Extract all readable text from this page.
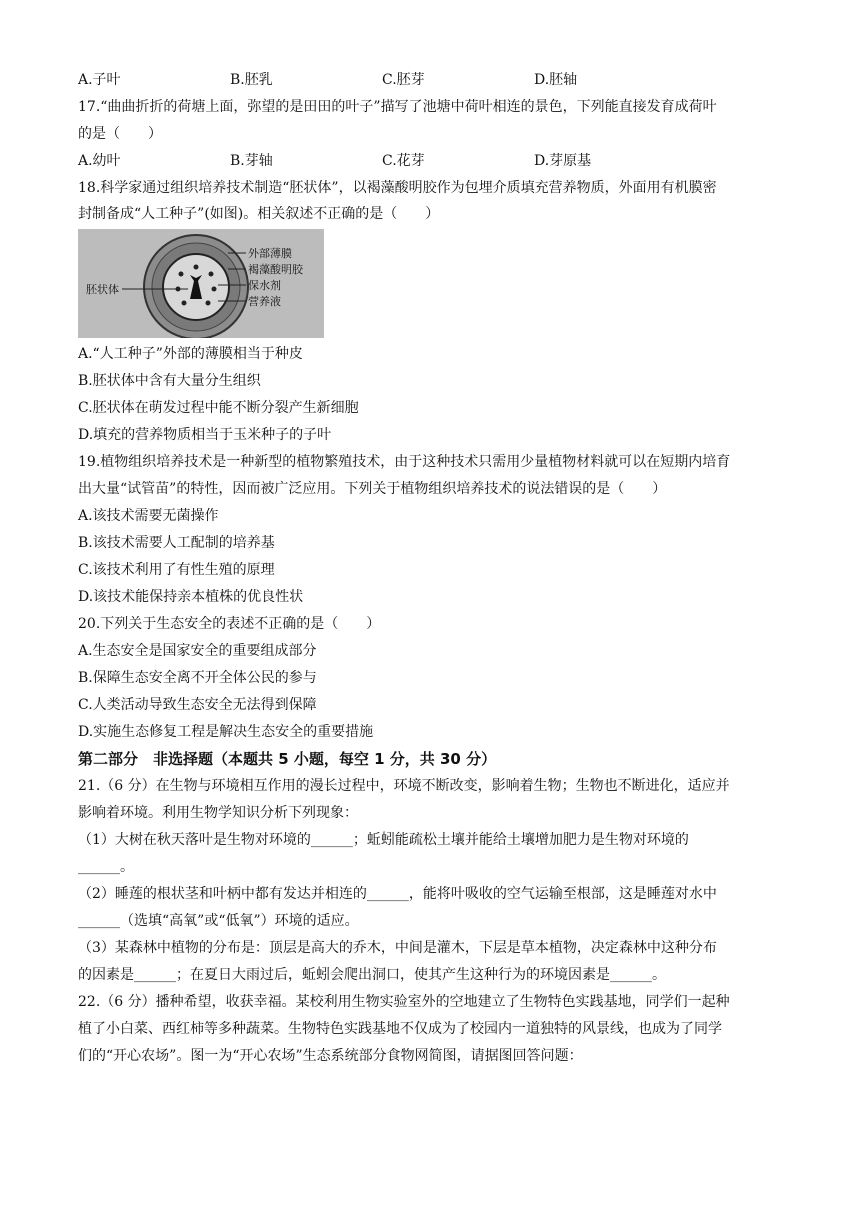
A.子叶	B.胚乳	C.胚芽	D.胚轴
17.“曲曲折折的荷塘上面，弥望的是田田的叶子”描写了池塘中荷叶相连的景色，下列能直接发育成荷叶
的是（　　）
A.幼叶	B.芽轴	C.花芽	D.芽原基
18.科学家通过组织培养技术制造“胚状体”，以褐藻酸明胶作为包埋介质填充营养物质，外面用有机膜密
封制备成“人工种子”(如图)。相关叙述不正确的是（　　）
胚状体
外部薄膜
褐藻酸明胶
保水剂
营养液
A.“人工种子”外部的薄膜相当于种皮
B.胚状体中含有大量分生组织
C.胚状体在萌发过程中能不断分裂产生新细胞
D.填充的营养物质相当于玉米种子的子叶
19.植物组织培养技术是一种新型的植物繁殖技术，由于这种技术只需用少量植物材料就可以在短期内培育
出大量“试管苗”的特性，因而被广泛应用。下列关于植物组织培养技术的说法错误的是（　　）
A.该技术需要无菌操作
B.该技术需要人工配制的培养基
C.该技术利用了有性生殖的原理
D.该技术能保持亲本植株的优良性状
20.下列关于生态安全的表述不正确的是（　　）
A.生态安全是国家安全的重要组成部分
B.保障生态安全离不开全体公民的参与
C.人类活动导致生态安全无法得到保障
D.实施生态修复工程是解决生态安全的重要措施
第二部分　非选择题（本题共 5 小题，每空 1 分，共 30 分）
21.（6 分）在生物与环境相互作用的漫长过程中，环境不断改变，影响着生物；生物也不断进化，适应并
影响着环境。利用生物学知识分析下列现象：
（1）大树在秋天落叶是生物对环境的______；蚯蚓能疏松土壤并能给土壤增加肥力是生物对环境的
______。
（2）睡莲的根状茎和叶柄中都有发达并相连的______，能将叶吸收的空气运输至根部，这是睡莲对水中
______（选填“高氧”或“低氧”）环境的适应。
（3）某森林中植物的分布是：顶层是高大的乔木，中间是灌木，下层是草本植物，决定森林中这种分布
的因素是______；在夏日大雨过后，蚯蚓会爬出洞口，使其产生这种行为的环境因素是______。
22.（6 分）播种希望，收获幸福。某校利用生物实验室外的空地建立了生物特色实践基地，同学们一起种
植了小白菜、西红柿等多种蔬菜。生物特色实践基地不仅成为了校园内一道独特的风景线，也成为了同学
们的“开心农场”。图一为“开心农场”生态系统部分食物网简图，请据图回答问题：
